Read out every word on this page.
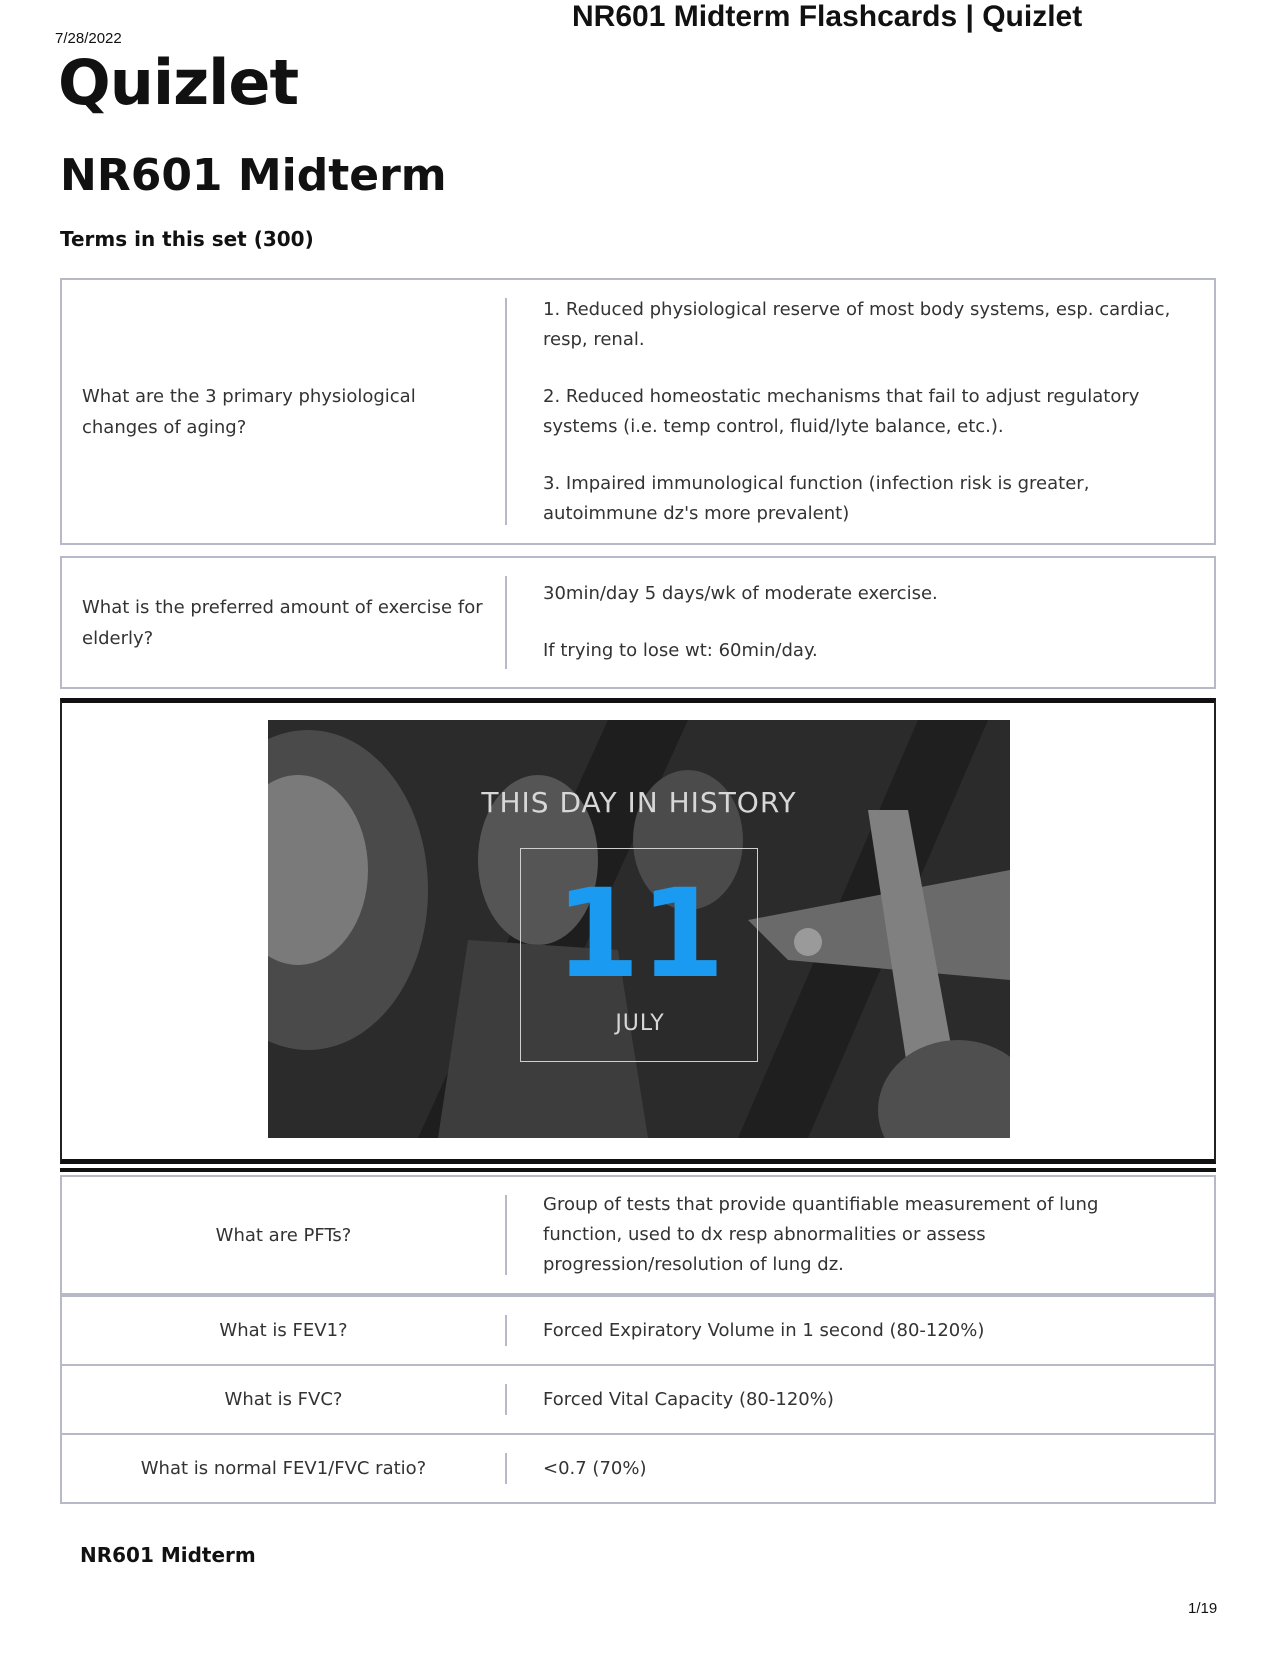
7/28/2022
NR601 Midterm Flashcards | Quizlet
Quizlet
NR601 Midterm
Terms in this set (300)
What are the 3 primary physiological changes of aging?

1. Reduced physiological reserve of most body systems, esp. cardiac, resp, renal.

2. Reduced homeostatic mechanisms that fail to adjust regulatory systems (i.e. temp control, fluid/lyte balance, etc.).

3. Impaired immunological function (infection risk is greater, autoimmune dz's more prevalent)

What is the preferred amount of exercise for elderly?

30min/day 5 days/wk of moderate exercise.

If trying to lose wt: 60min/day.

THIS DAY IN HISTORY
11
JULY
What are PFTs?

Group of tests that provide quantifiable measurement of lung function, used to dx resp abnormalities or assess progression/resolution of lung dz.

What is FEV1?	Forced Expiratory Volume in 1 second (80-120%)

What is FVC?	Forced Vital Capacity (80-120%)

What is normal FEV1/FVC ratio?	<0.7 (70%)

NR601 Midterm
1/19
